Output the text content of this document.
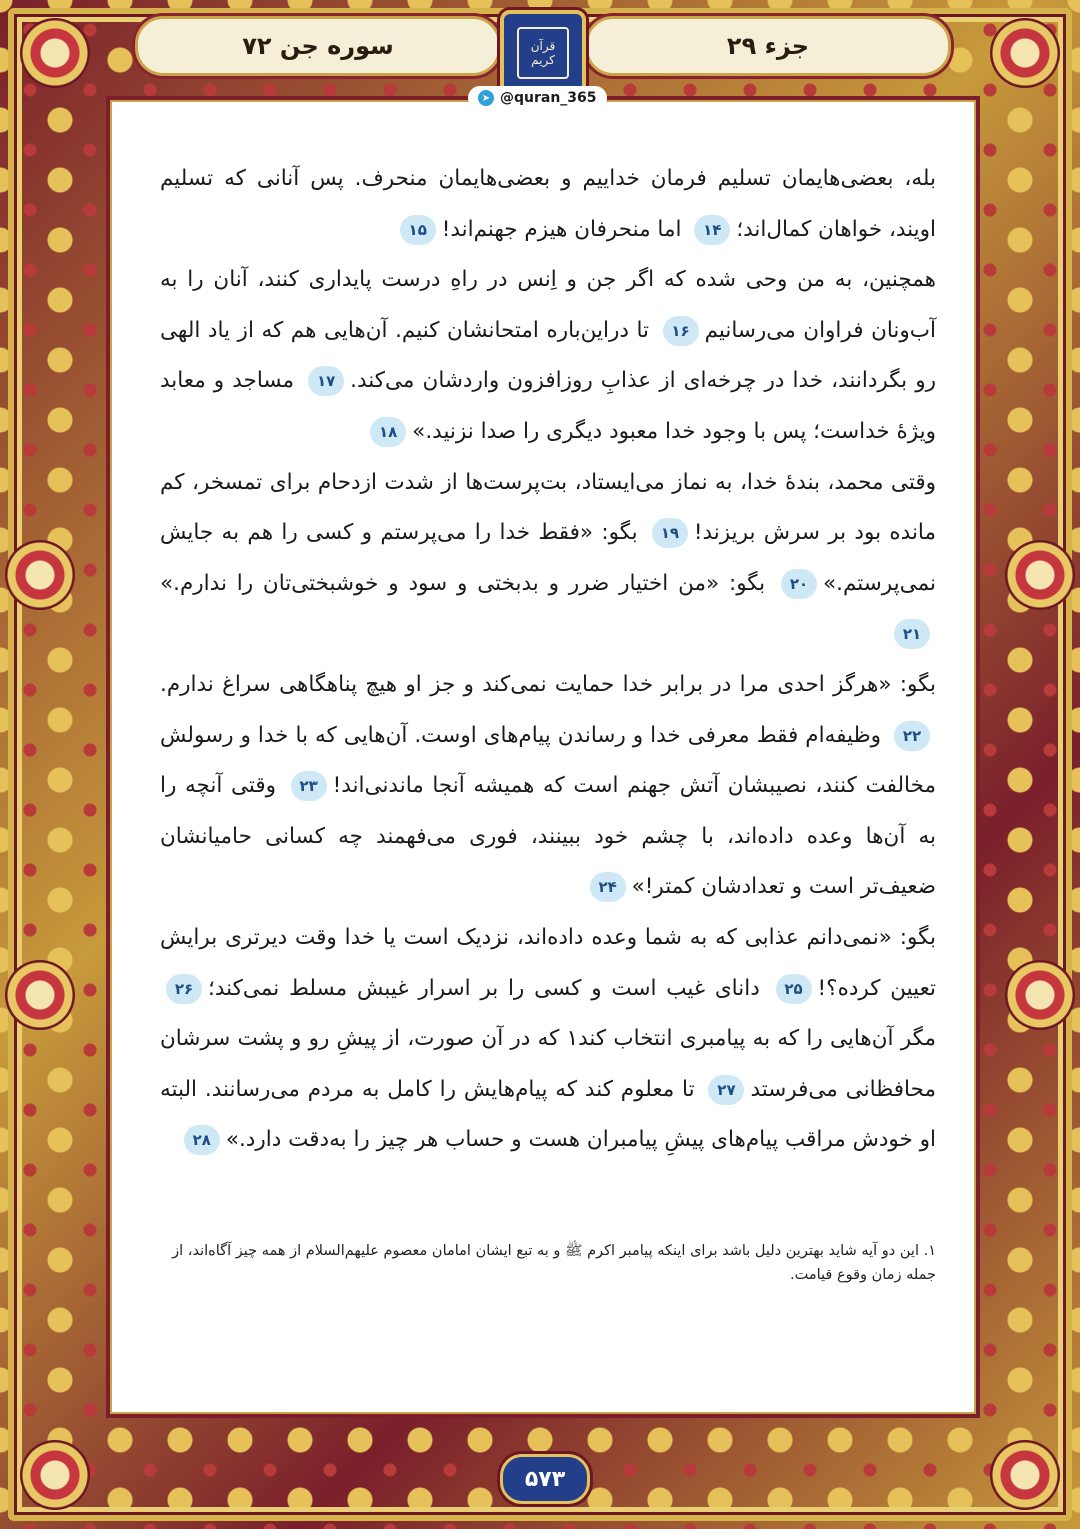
سوره جن ۷۲	جزء ۲۹
قرآن کریم

بله، بعضی‌هایمان تسلیم فرمان خداییم و بعضی‌هایمان منحرف. پس آنانی که تسلیم اویند، خواهان کمال‌اند؛۱۴ اما منحرفان هیزم جهنم‌اند!۱۵

همچنین، به من وحی شده که اگر جن و اِنس در راهِ درست پایداری کنند، آنان را به آب‌ونان فراوان می‌رسانیم۱۶ تا دراین‌باره امتحانشان کنیم. آن‌هایی هم که از یاد الهی رو بگردانند، خدا در چرخه‌ای از عذابِ روزافزون واردشان می‌کند.۱۷ مساجد و معابد ویژهٔ خداست؛ پس با وجود خدا معبود دیگری را صدا نزنید.»۱۸

وقتی محمد، بندهٔ خدا، به نماز می‌ایستاد، بت‌پرست‌ها از شدت ازدحام برای تمسخر، کم مانده بود بر سرش بریزند!۱۹ بگو: «فقط خدا را می‌پرستم و کسی را هم به جایش نمی‌پرستم.»۲۰ بگو: «من اختیار ضرر و بدبختی و سود و خوشبختی‌تان را ندارم.»۲۱

بگو: «هرگز احدی مرا در برابر خدا حمایت نمی‌کند و جز او هیچ پناهگاهی سراغ ندارم.۲۲ وظیفه‌ام فقط معرفی خدا و رساندن پیام‌های اوست. آن‌هایی که با خدا و رسولش مخالفت کنند، نصیبشان آتش جهنم است که همیشه آنجا ماندنی‌اند!۲۳ وقتی آنچه را به آن‌ها وعده داده‌اند، با چشم خود ببینند، فوری می‌فهمند چه کسانی حامیانشان ضعیف‌تر است و تعدادشان کمتر!»۲۴

بگو: «نمی‌دانم عذابی که به شما وعده داده‌اند، نزدیک است یا خدا وقت دیرتری برایش تعیین کرده؟!۲۵ دانای غیب است و کسی را بر اسرار غیبش مسلط نمی‌کند؛۲۶ مگر آن‌هایی را که به پیامبری انتخاب کند۱ که در آن صورت، از پیشِ رو و پشت سرشان محافظانی می‌فرستد۲۷ تا معلوم کند که پیام‌هایش را کامل به مردم می‌رسانند. البته او خودش مراقب پیام‌های پیشِ پیامبران هست و حساب هر چیز را به‌دقت دارد.»۲۸

۱. این دو آیه شاید بهترین دلیل باشد برای اینکه پیامبر اکرم ﷺ و به تبع ایشان امامان معصوم علیهم‌السلام از همه چیز آگاه‌اند، از جمله زمان وقوع قیامت.
➤ @quran_365
۵۷۳
